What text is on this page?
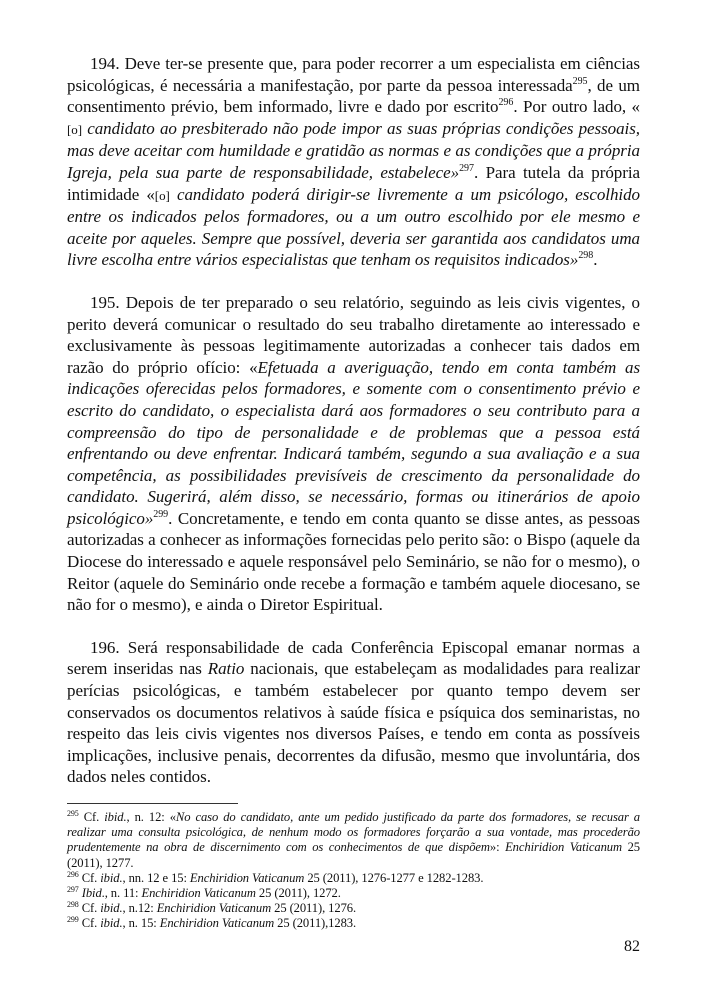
194. Deve ter-se presente que, para poder recorrer a um especialista em ciências psicológicas, é necessária a manifestação, por parte da pessoa interessada$^{295}$, de um consentimento prévio, bem informado, livre e dado por escrito$^{296}$. Por outro lado, « [o] candidato ao presbiterado não pode impor as suas próprias condições pessoais, mas deve aceitar com humildade e gratidão as normas e as condições que a própria Igreja, pela sua parte de responsabilidade, estabelece»$^{297}$. Para tutela da própria intimidade «[o] candidato poderá dirigir-se livremente a um psicólogo, escolhido entre os indicados pelos formadores, ou a um outro escolhido por ele mesmo e aceite por aqueles. Sempre que possível, deveria ser garantida aos candidatos uma livre escolha entre vários especialistas que tenham os requisitos indicados»$^{298}$.

195. Depois de ter preparado o seu relatório, seguindo as leis civis vigentes, o perito deverá comunicar o resultado do seu trabalho diretamente ao interessado e exclusivamente às pessoas legitimamente autorizadas a conhecer tais dados em razão do próprio ofício: «Efetuada a averiguação, tendo em conta também as indicações oferecidas pelos formadores, e somente com o consentimento prévio e escrito do candidato, o especialista dará aos formadores o seu contributo para a compreensão do tipo de personalidade e de problemas que a pessoa está enfrentando ou deve enfrentar. Indicará também, segundo a sua avaliação e a sua competência, as possibilidades previsíveis de crescimento da personalidade do candidato. Sugerirá, além disso, se necessário, formas ou itinerários de apoio psicológico»$^{299}$. Concretamente, e tendo em conta quanto se disse antes, as pessoas autorizadas a conhecer as informações fornecidas pelo perito são: o Bispo (aquele da Diocese do interessado e aquele responsável pelo Seminário, se não for o mesmo), o Reitor (aquele do Seminário onde recebe a formação e também aquele diocesano, se não for o mesmo), e ainda o Diretor Espiritual.

196. Será responsabilidade de cada Conferência Episcopal emanar normas a serem inseridas nas Ratio nacionais, que estabeleçam as modalidades para realizar perícias psicológicas, e também estabelecer por quanto tempo devem ser conservados os documentos relativos à saúde física e psíquica dos seminaristas, no respeito das leis civis vigentes nos diversos Países, e tendo em conta as possíveis implicações, inclusive penais, decorrentes da difusão, mesmo que involuntária, dos dados neles contidos.

$^{295}$ Cf. ibid., n. 12: «No caso do candidato, ante um pedido justificado da parte dos formadores, se recusar a realizar uma consulta psicológica, de nenhum modo os formadores forçarão a sua vontade, mas procederão prudentemente na obra de discernimento com os conhecimentos de que dispõem»: Enchiridion Vaticanum 25 (2011), 1277.

$^{296}$ Cf. ibid., nn. 12 e 15: Enchiridion Vaticanum 25 (2011), 1276-1277 e 1282-1283.

$^{297}$ Ibid., n. 11: Enchiridion Vaticanum 25 (2011), 1272.

$^{298}$ Cf. ibid., n.12: Enchiridion Vaticanum 25 (2011), 1276.

$^{299}$ Cf. ibid., n. 15: Enchiridion Vaticanum 25 (2011),1283.

82
